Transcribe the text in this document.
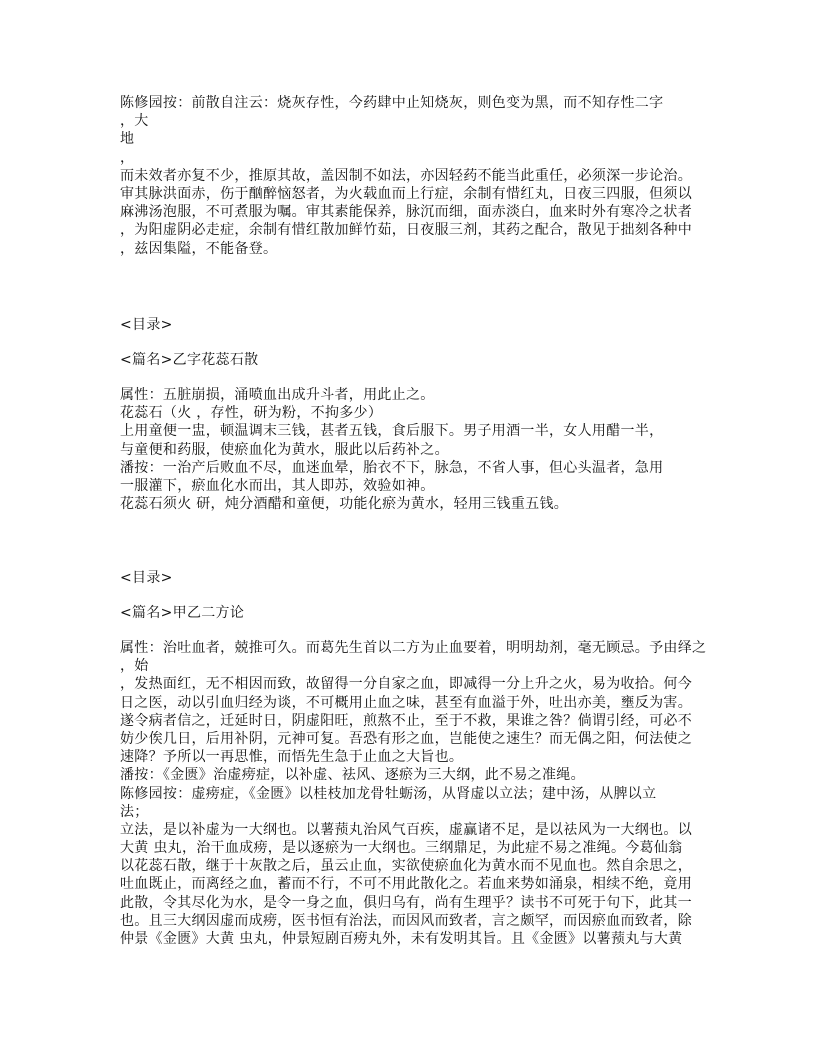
陈修园按：前散自注云：烧灰存性，今药肆中止知烧灰，则色变为黑，而不知存性二字
，大
地
，
而未效者亦复不少，推原其故，盖因制不如法，亦因轻药不能当此重任，必须深一步论治。
审其脉洪面赤，伤于酗醉恼怒者，为火载血而上行症，余制有惜红丸，日夜三四服，但须以
麻沸汤泡服，不可煮服为嘱。审其素能保养，脉沉而细，面赤淡白，血来时外有寒冷之状者
，为阳虚阴必走症，余制有惜红散加鲜竹茹，日夜服三剂，其药之配合，散见于拙刻各种中
，兹因集隘，不能备登。
<目录>
<篇名>乙字花蕊石散
属性：五脏崩损，涌喷血出成升斗者，用此止之。
花蕊石（火 ，存性，研为粉，不拘多少）
上用童便一盅，顿温调末三钱，甚者五钱，食后服下。男子用酒一半，女人用醋一半，
与童便和药服，使瘀血化为黄水，服此以后药补之。
潘按：一治产后败血不尽，血迷血晕，胎衣不下，脉急，不省人事，但心头温者，急用
一服灌下，瘀血化水而出，其人即苏，效验如神。
花蕊石须火 研，炖分酒醋和童便，功能化瘀为黄水，轻用三钱重五钱。
<目录>
<篇名>甲乙二方论
属性：治吐血者，兢推可久。而葛先生首以二方为止血要着，明明劫剂，毫无顾忌。予由绎之
，始
，发热面红，无不相因而致，故留得一分自家之血，即减得一分上升之火，易为收拾。何今
日之医，动以引血归经为谈，不可概用止血之味，甚至有血溢于外，吐出亦美，壅反为害。
遂令病者信之，迁延时日，阴虚阳旺，煎熬不止，至于不救，果谁之咎？倘谓引经，可必不
妨少俟几日，后用补阴，元神可复。吾恐有形之血，岂能使之速生？而无偶之阳，何法使之
速降？予所以一再思惟，而悟先生急于止血之大旨也。
潘按：《金匮》治虚痨症，以补虚、祛风、逐瘀为三大纲，此不易之准绳。
陈修园按：虚痨症，《金匮》以桂枝加龙骨牡蛎汤，从肾虚以立法；建中汤，从脾以立
法；
立法，是以补虚为一大纲也。以薯蓣丸治风气百疾，虚赢诸不足，是以祛风为一大纲也。以
大黄 虫丸，治干血成痨，是以逐瘀为一大纲也。三纲鼎足，为此症不易之准绳。今葛仙翁
以花蕊石散，继于十灰散之后，虽云止血，实欲使瘀血化为黄水而不见血也。然自余思之，
吐血既止，而离经之血，蓄而不行，不可不用此散化之。若血来势如涌泉，相续不绝，竟用
此散，令其尽化为水，是令一身之血，俱归乌有，尚有生理乎？读书不可死于句下，此其一
也。且三大纲因虚而成痨，医书恒有治法，而因风而致者，言之颇罕，而因瘀血而致者，除
仲景《金匮》大黄 虫丸，仲景短剧百痨丸外，未有发明其旨。且《金匮》以薯蓣丸与大黄
